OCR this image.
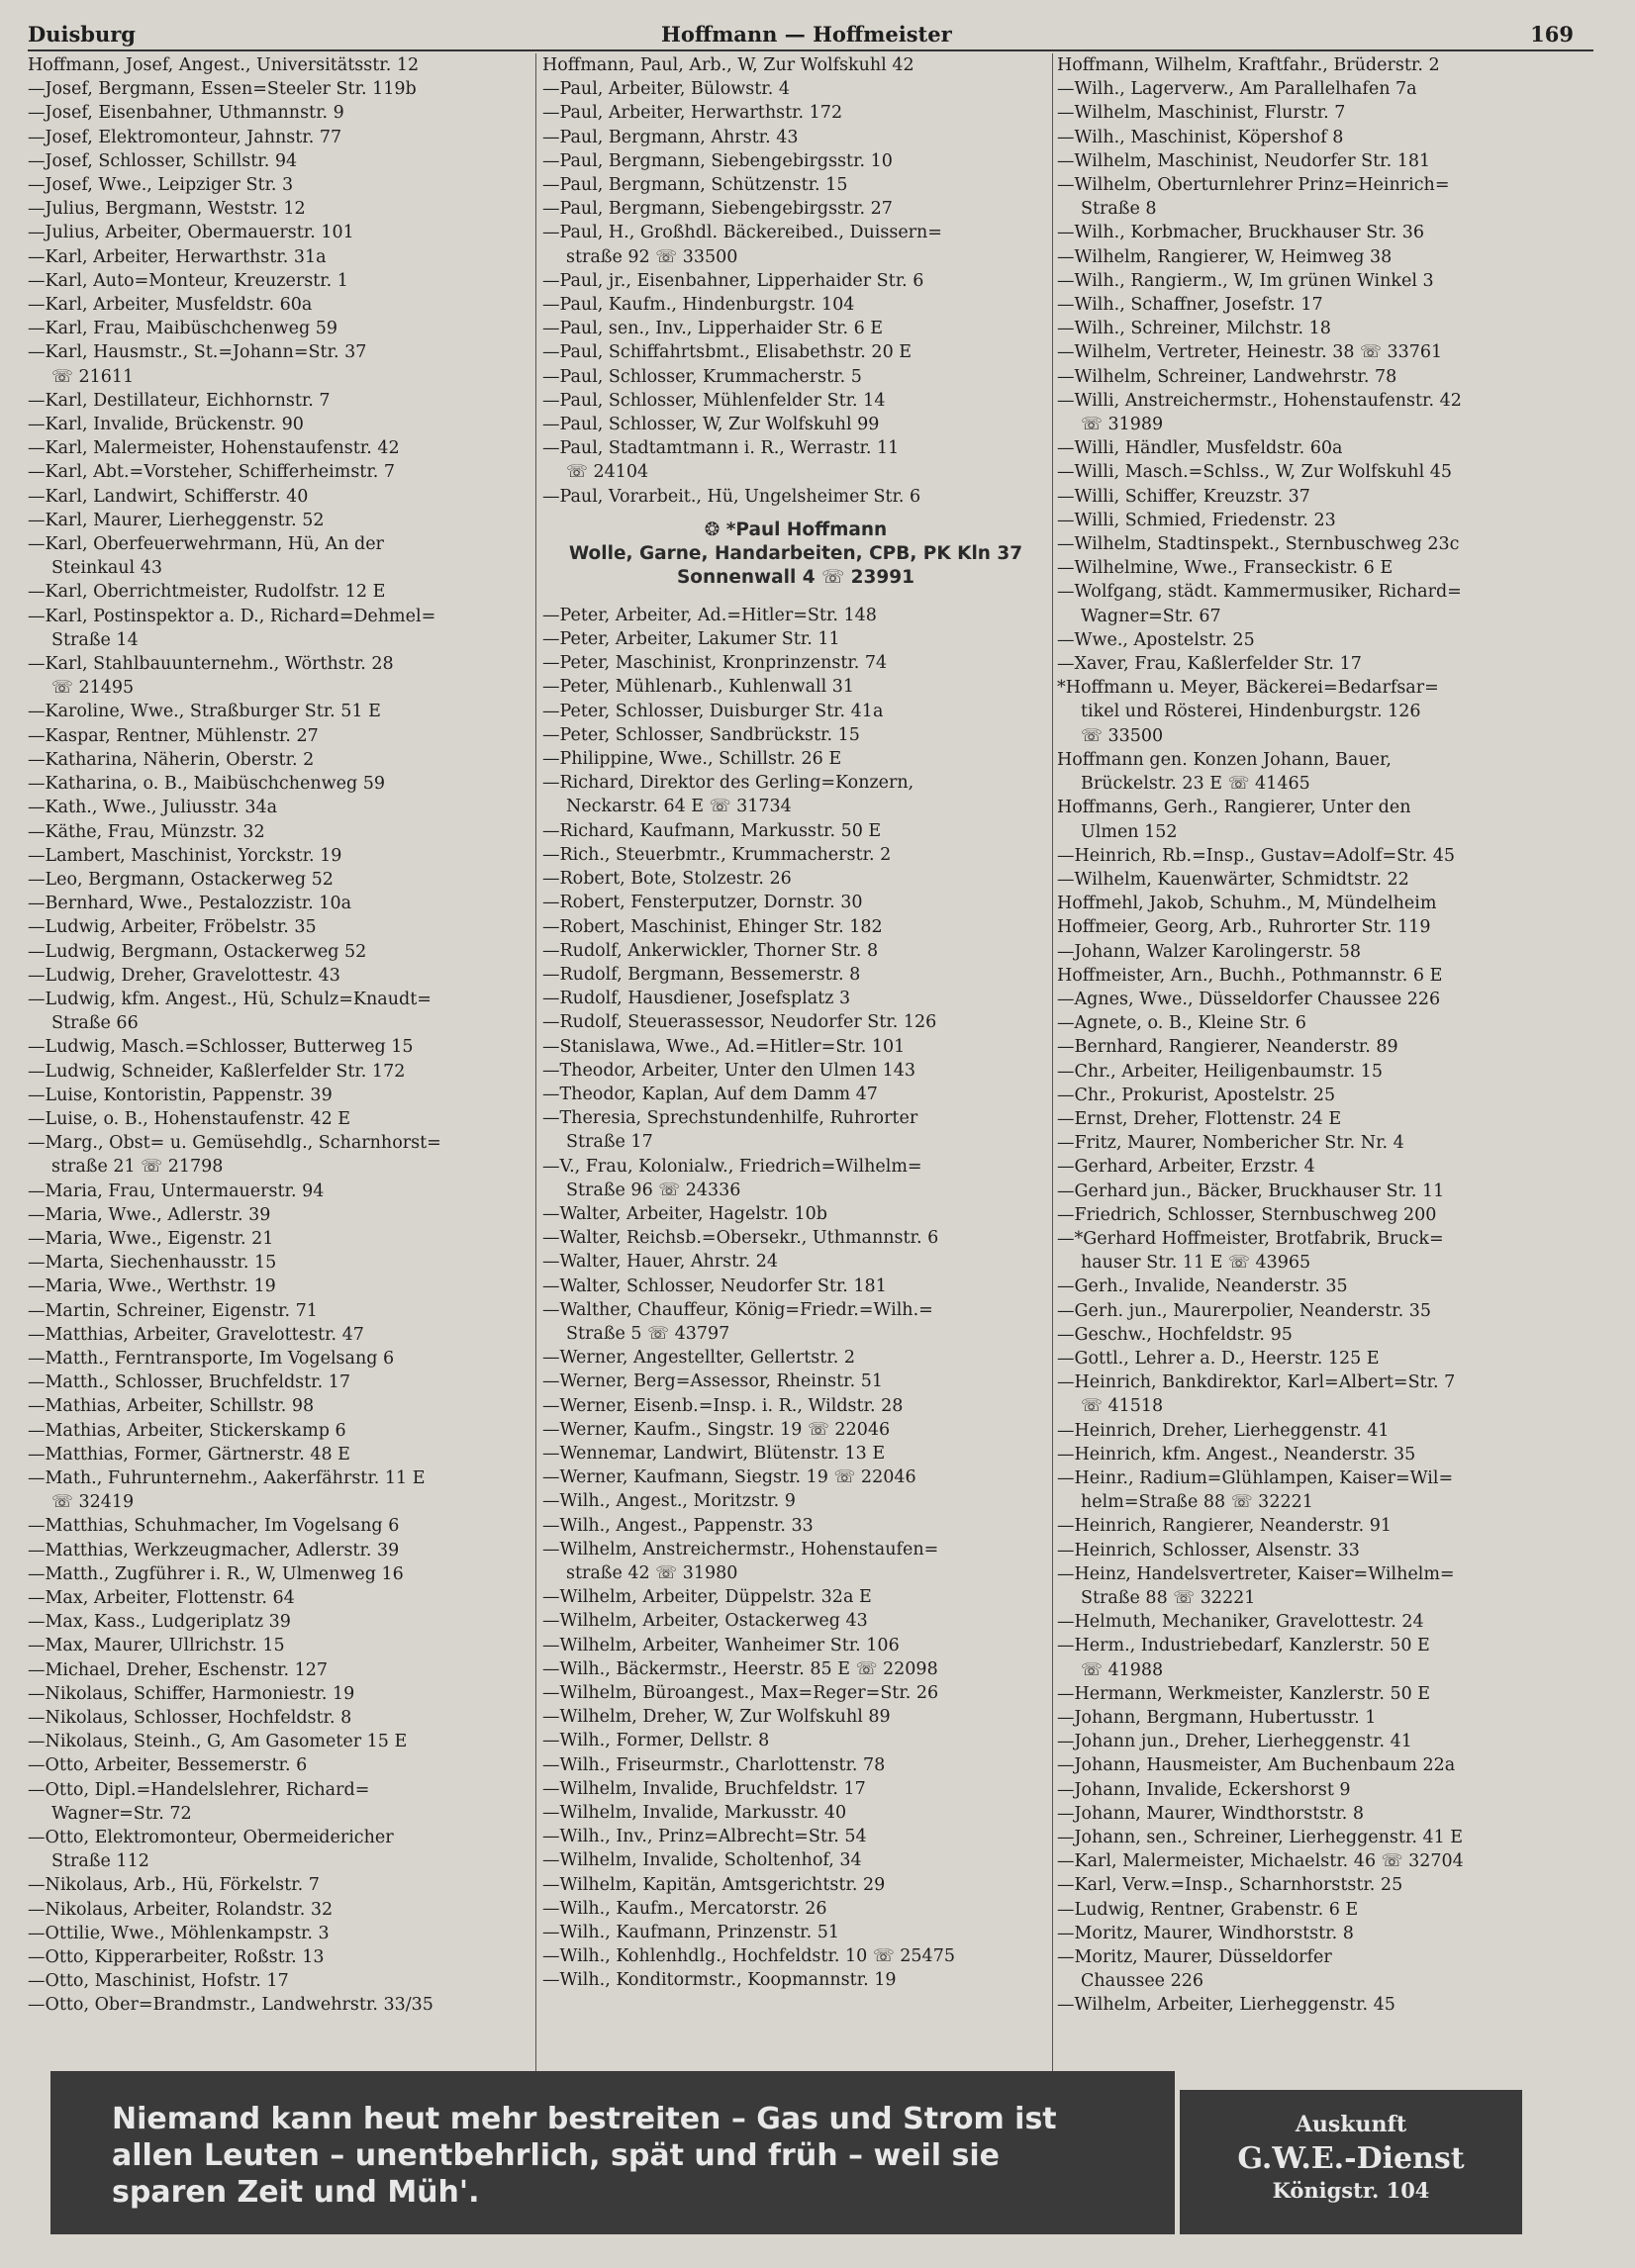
Duisburg	Hoffmann — Hoffmeister	169
Hoffmann, Josef, Angest., Universitätsstr. 12
—Josef, Bergmann, Essen=Steeler Str. 119b
—Josef, Eisenbahner, Uthmannstr. 9
—Josef, Elektromonteur, Jahnstr. 77
—Josef, Schlosser, Schillstr. 94
—Josef, Wwe., Leipziger Str. 3
—Julius, Bergmann, Weststr. 12
—Julius, Arbeiter, Obermauerstr. 101
—Karl, Arbeiter, Herwarthstr. 31a
—Karl, Auto=Monteur, Kreuzerstr. 1
—Karl, Arbeiter, Musfeldstr. 60a
—Karl, Frau, Maibüschchenweg 59
—Karl, Hausmstr., St.=Johann=Str. 37
☏ 21611
—Karl, Destillateur, Eichhornstr. 7
—Karl, Invalide, Brückenstr. 90
—Karl, Malermeister, Hohenstaufenstr. 42
—Karl, Abt.=Vorsteher, Schifferheimstr. 7
—Karl, Landwirt, Schifferstr. 40
—Karl, Maurer, Lierheggenstr. 52
—Karl, Oberfeuerwehrmann, Hü, An der
Steinkaul 43
—Karl, Oberrichtmeister, Rudolfstr. 12 E
—Karl, Postinspektor a. D., Richard=Dehmel=
Straße 14
—Karl, Stahlbauunternehm., Wörthstr. 28
☏ 21495
—Karoline, Wwe., Straßburger Str. 51 E
—Kaspar, Rentner, Mühlenstr. 27
—Katharina, Näherin, Oberstr. 2
—Katharina, o. B., Maibüschchenweg 59
—Kath., Wwe., Juliusstr. 34a
—Käthe, Frau, Münzstr. 32
—Lambert, Maschinist, Yorckstr. 19
—Leo, Bergmann, Ostackerweg 52
—Bernhard, Wwe., Pestalozzistr. 10a
—Ludwig, Arbeiter, Fröbelstr. 35
—Ludwig, Bergmann, Ostackerweg 52
—Ludwig, Dreher, Gravelottestr. 43
—Ludwig, kfm. Angest., Hü, Schulz=Knaudt=
Straße 66
—Ludwig, Masch.=Schlosser, Butterweg 15
—Ludwig, Schneider, Kaßlerfelder Str. 172
—Luise, Kontoristin, Pappenstr. 39
—Luise, o. B., Hohenstaufenstr. 42 E
—Marg., Obst= u. Gemüsehdlg., Scharnhorst=
straße 21 ☏ 21798
—Maria, Frau, Untermauerstr. 94
—Maria, Wwe., Adlerstr. 39
—Maria, Wwe., Eigenstr. 21
—Marta, Siechenhausstr. 15
—Maria, Wwe., Werthstr. 19
—Martin, Schreiner, Eigenstr. 71
—Matthias, Arbeiter, Gravelottestr. 47
—Matth., Ferntransporte, Im Vogelsang 6
—Matth., Schlosser, Bruchfeldstr. 17
—Mathias, Arbeiter, Schillstr. 98
—Mathias, Arbeiter, Stickerskamp 6
—Matthias, Former, Gärtnerstr. 48 E
—Math., Fuhrunternehm., Aakerfährstr. 11 E
☏ 32419
—Matthias, Schuhmacher, Im Vogelsang 6
—Matthias, Werkzeugmacher, Adlerstr. 39
—Matth., Zugführer i. R., W, Ulmenweg 16
—Max, Arbeiter, Flottenstr. 64
—Max, Kass., Ludgeriplatz 39
—Max, Maurer, Ullrichstr. 15
—Michael, Dreher, Eschenstr. 127
—Nikolaus, Schiffer, Harmoniestr. 19
—Nikolaus, Schlosser, Hochfeldstr. 8
—Nikolaus, Steinh., G, Am Gasometer 15 E
—Otto, Arbeiter, Bessemerstr. 6
—Otto, Dipl.=Handelslehrer, Richard=
Wagner=Str. 72
—Otto, Elektromonteur, Obermeidericher
Straße 112
—Nikolaus, Arb., Hü, Förkelstr. 7
—Nikolaus, Arbeiter, Rolandstr. 32
—Ottilie, Wwe., Möhlenkampstr. 3
—Otto, Kipperarbeiter, Roßstr. 13
—Otto, Maschinist, Hofstr. 17
—Otto, Ober=Brandmstr., Landwehrstr. 33/35
Hoffmann, Paul, Arb., W, Zur Wolfskuhl 42
—Paul, Arbeiter, Bülowstr. 4
—Paul, Arbeiter, Herwarthstr. 172
—Paul, Bergmann, Ahrstr. 43
—Paul, Bergmann, Siebengebirgsstr. 10
—Paul, Bergmann, Schützenstr. 15
—Paul, Bergmann, Siebengebirgsstr. 27
—Paul, H., Großhdl. Bäckereibed., Duissern=
straße 92 ☏ 33500
—Paul, jr., Eisenbahner, Lipperhaider Str. 6
—Paul, Kaufm., Hindenburgstr. 104
—Paul, sen., Inv., Lipperhaider Str. 6 E
—Paul, Schiffahrtsbmt., Elisabethstr. 20 E
—Paul, Schlosser, Krummacherstr. 5
—Paul, Schlosser, Mühlenfelder Str. 14
—Paul, Schlosser, W, Zur Wolfskuhl 99
—Paul, Stadtamtmann i. R., Werrastr. 11
☏ 24104
—Paul, Vorarbeit., Hü, Ungelsheimer Str. 6
❂ *Paul Hoffmann
Wolle, Garne, Handarbeiten, CPB, PK Kln 37
Sonnenwall 4 ☏ 23991
—Peter, Arbeiter, Ad.=Hitler=Str. 148
—Peter, Arbeiter, Lakumer Str. 11
—Peter, Maschinist, Kronprinzenstr. 74
—Peter, Mühlenarb., Kuhlenwall 31
—Peter, Schlosser, Duisburger Str. 41a
—Peter, Schlosser, Sandbrückstr. 15
—Philippine, Wwe., Schillstr. 26 E
—Richard, Direktor des Gerling=Konzern,
Neckarstr. 64 E ☏ 31734
—Richard, Kaufmann, Markusstr. 50 E
—Rich., Steuerbmtr., Krummacherstr. 2
—Robert, Bote, Stolzestr. 26
—Robert, Fensterputzer, Dornstr. 30
—Robert, Maschinist, Ehinger Str. 182
—Rudolf, Ankerwickler, Thorner Str. 8
—Rudolf, Bergmann, Bessemerstr. 8
—Rudolf, Hausdiener, Josefsplatz 3
—Rudolf, Steuerassessor, Neudorfer Str. 126
—Stanislawa, Wwe., Ad.=Hitler=Str. 101
—Theodor, Arbeiter, Unter den Ulmen 143
—Theodor, Kaplan, Auf dem Damm 47
—Theresia, Sprechstundenhilfe, Ruhrorter
Straße 17
—V., Frau, Kolonialw., Friedrich=Wilhelm=
Straße 96 ☏ 24336
—Walter, Arbeiter, Hagelstr. 10b
—Walter, Reichsb.=Obersekr., Uthmannstr. 6
—Walter, Hauer, Ahrstr. 24
—Walter, Schlosser, Neudorfer Str. 181
—Walther, Chauffeur, König=Friedr.=Wilh.=
Straße 5 ☏ 43797
—Werner, Angestellter, Gellertstr. 2
—Werner, Berg=Assessor, Rheinstr. 51
—Werner, Eisenb.=Insp. i. R., Wildstr. 28
—Werner, Kaufm., Singstr. 19 ☏ 22046
—Wennemar, Landwirt, Blütenstr. 13 E
—Werner, Kaufmann, Siegstr. 19 ☏ 22046
—Wilh., Angest., Moritzstr. 9
—Wilh., Angest., Pappenstr. 33
—Wilhelm, Anstreichermstr., Hohenstaufen=
straße 42 ☏ 31980
—Wilhelm, Arbeiter, Düppelstr. 32a E
—Wilhelm, Arbeiter, Ostackerweg 43
—Wilhelm, Arbeiter, Wanheimer Str. 106
—Wilh., Bäckermstr., Heerstr. 85 E ☏ 22098
—Wilhelm, Büroangest., Max=Reger=Str. 26
—Wilhelm, Dreher, W, Zur Wolfskuhl 89
—Wilh., Former, Dellstr. 8
—Wilh., Friseurmstr., Charlottenstr. 78
—Wilhelm, Invalide, Bruchfeldstr. 17
—Wilhelm, Invalide, Markusstr. 40
—Wilh., Inv., Prinz=Albrecht=Str. 54
—Wilhelm, Invalide, Scholtenhof, 34
—Wilhelm, Kapitän, Amtsgerichtstr. 29
—Wilh., Kaufm., Mercatorstr. 26
—Wilh., Kaufmann, Prinzenstr. 51
—Wilh., Kohlenhdlg., Hochfeldstr. 10 ☏ 25475
—Wilh., Konditormstr., Koopmannstr. 19
Hoffmann, Wilhelm, Kraftfahr., Brüderstr. 2
—Wilh., Lagerverw., Am Parallelhafen 7a
—Wilhelm, Maschinist, Flurstr. 7
—Wilh., Maschinist, Köpershof 8
—Wilhelm, Maschinist, Neudorfer Str. 181
—Wilhelm, Oberturnlehrer Prinz=Heinrich=
Straße 8
—Wilh., Korbmacher, Bruckhauser Str. 36
—Wilhelm, Rangierer, W, Heimweg 38
—Wilh., Rangierm., W, Im grünen Winkel 3
—Wilh., Schaffner, Josefstr. 17
—Wilh., Schreiner, Milchstr. 18
—Wilhelm, Vertreter, Heinestr. 38 ☏ 33761
—Wilhelm, Schreiner, Landwehrstr. 78
—Willi, Anstreichermstr., Hohenstaufenstr. 42
☏ 31989
—Willi, Händler, Musfeldstr. 60a
—Willi, Masch.=Schlss., W, Zur Wolfskuhl 45
—Willi, Schiffer, Kreuzstr. 37
—Willi, Schmied, Friedenstr. 23
—Wilhelm, Stadtinspekt., Sternbuschweg 23c
—Wilhelmine, Wwe., Franseckistr. 6 E
—Wolfgang, städt. Kammermusiker, Richard=
Wagner=Str. 67
—Wwe., Apostelstr. 25
—Xaver, Frau, Kaßlerfelder Str. 17
*Hoffmann u. Meyer, Bäckerei=Bedarfsar=
tikel und Rösterei, Hindenburgstr. 126
☏ 33500
Hoffmann gen. Konzen Johann, Bauer,
Brückelstr. 23 E ☏ 41465
Hoffmanns, Gerh., Rangierer, Unter den
Ulmen 152
—Heinrich, Rb.=Insp., Gustav=Adolf=Str. 45
—Wilhelm, Kauenwärter, Schmidtstr. 22
Hoffmehl, Jakob, Schuhm., M, Mündelheim
Hoffmeier, Georg, Arb., Ruhrorter Str. 119
—Johann, Walzer Karolingerstr. 58
Hoffmeister, Arn., Buchh., Pothmannstr. 6 E
—Agnes, Wwe., Düsseldorfer Chaussee 226
—Agnete, o. B., Kleine Str. 6
—Bernhard, Rangierer, Neanderstr. 89
—Chr., Arbeiter, Heiligenbaumstr. 15
—Chr., Prokurist, Apostelstr. 25
—Ernst, Dreher, Flottenstr. 24 E
—Fritz, Maurer, Nombericher Str. Nr. 4
—Gerhard, Arbeiter, Erzstr. 4
—Gerhard jun., Bäcker, Bruckhauser Str. 11
—Friedrich, Schlosser, Sternbuschweg 200
—*Gerhard Hoffmeister, Brotfabrik, Bruck=
hauser Str. 11 E ☏ 43965
—Gerh., Invalide, Neanderstr. 35
—Gerh. jun., Maurerpolier, Neanderstr. 35
—Geschw., Hochfeldstr. 95
—Gottl., Lehrer a. D., Heerstr. 125 E
—Heinrich, Bankdirektor, Karl=Albert=Str. 7
☏ 41518
—Heinrich, Dreher, Lierheggenstr. 41
—Heinrich, kfm. Angest., Neanderstr. 35
—Heinr., Radium=Glühlampen, Kaiser=Wil=
helm=Straße 88 ☏ 32221
—Heinrich, Rangierer, Neanderstr. 91
—Heinrich, Schlosser, Alsenstr. 33
—Heinz, Handelsvertreter, Kaiser=Wilhelm=
Straße 88 ☏ 32221
—Helmuth, Mechaniker, Gravelottestr. 24
—Herm., Industriebedarf, Kanzlerstr. 50 E
☏ 41988
—Hermann, Werkmeister, Kanzlerstr. 50 E
—Johann, Bergmann, Hubertusstr. 1
—Johann jun., Dreher, Lierheggenstr. 41
—Johann, Hausmeister, Am Buchenbaum 22a
—Johann, Invalide, Eckershorst 9
—Johann, Maurer, Windthorststr. 8
—Johann, sen., Schreiner, Lierheggenstr. 41 E
—Karl, Malermeister, Michaelstr. 46 ☏ 32704
—Karl, Verw.=Insp., Scharnhorststr. 25
—Ludwig, Rentner, Grabenstr. 6 E
—Moritz, Maurer, Windhorststr. 8
—Moritz, Maurer, Düsseldorfer
Chaussee 226
—Wilhelm, Arbeiter, Lierheggenstr. 45
Niemand kann heut mehr bestreiten – Gas und Strom ist
allen Leuten – unentbehrlich, spät und früh – weil sie
sparen Zeit und Müh'.
Auskunft
G.W.E.-Dienst
Königstr. 104
